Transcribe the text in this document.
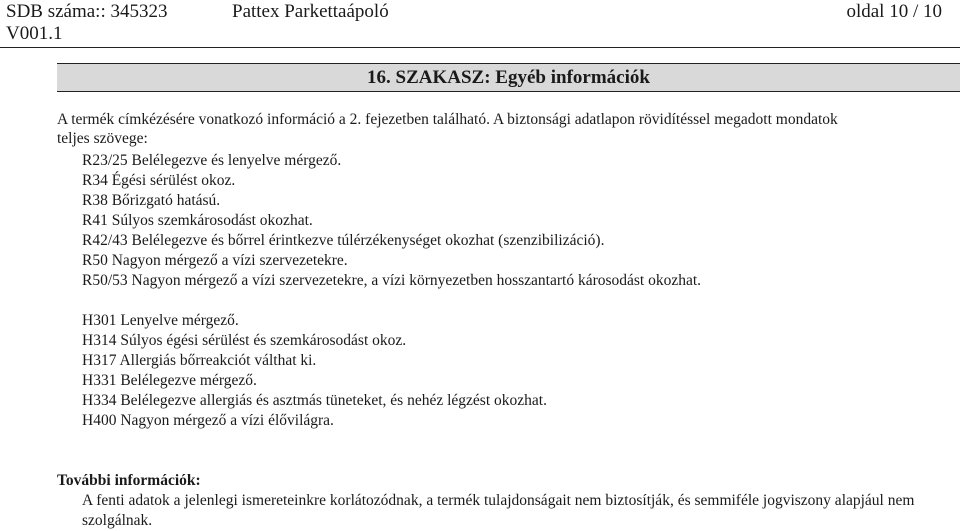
SDB száma:: 345323	Pattex Parkettaápoló	oldal 10 / 10
V001.1
16. SZAKASZ: Egyéb információk
A termék címkézésére vonatkozó információ a 2. fejezetben található. A biztonsági adatlapon rövidítéssel megadott mondatok
teljes szövege:
R23/25 Belélegezve és lenyelve mérgező.
R34 Égési sérülést okoz.
R38 Bőrizgató hatású.
R41 Súlyos szemkárosodást okozhat.
R42/43 Belélegezve és bőrrel érintkezve túlérzékenységet okozhat (szenzibilizáció).
R50 Nagyon mérgező a vízi szervezetekre.
R50/53 Nagyon mérgező a vízi szervezetekre, a vízi környezetben hosszantartó károsodást okozhat.
H301 Lenyelve mérgező.
H314 Súlyos égési sérülést és szemkárosodást okoz.
H317 Allergiás bőrreakciót válthat ki.
H331 Belélegezve mérgező.
H334 Belélegezve allergiás és asztmás tüneteket, és nehéz légzést okozhat.
H400 Nagyon mérgező a vízi élővilágra.
További információk:
A fenti adatok a jelenlegi ismereteinkre korlátozódnak, a termék tulajdonságait nem biztosítják, és semmiféle jogviszony alapjául nem szolgálnak.
